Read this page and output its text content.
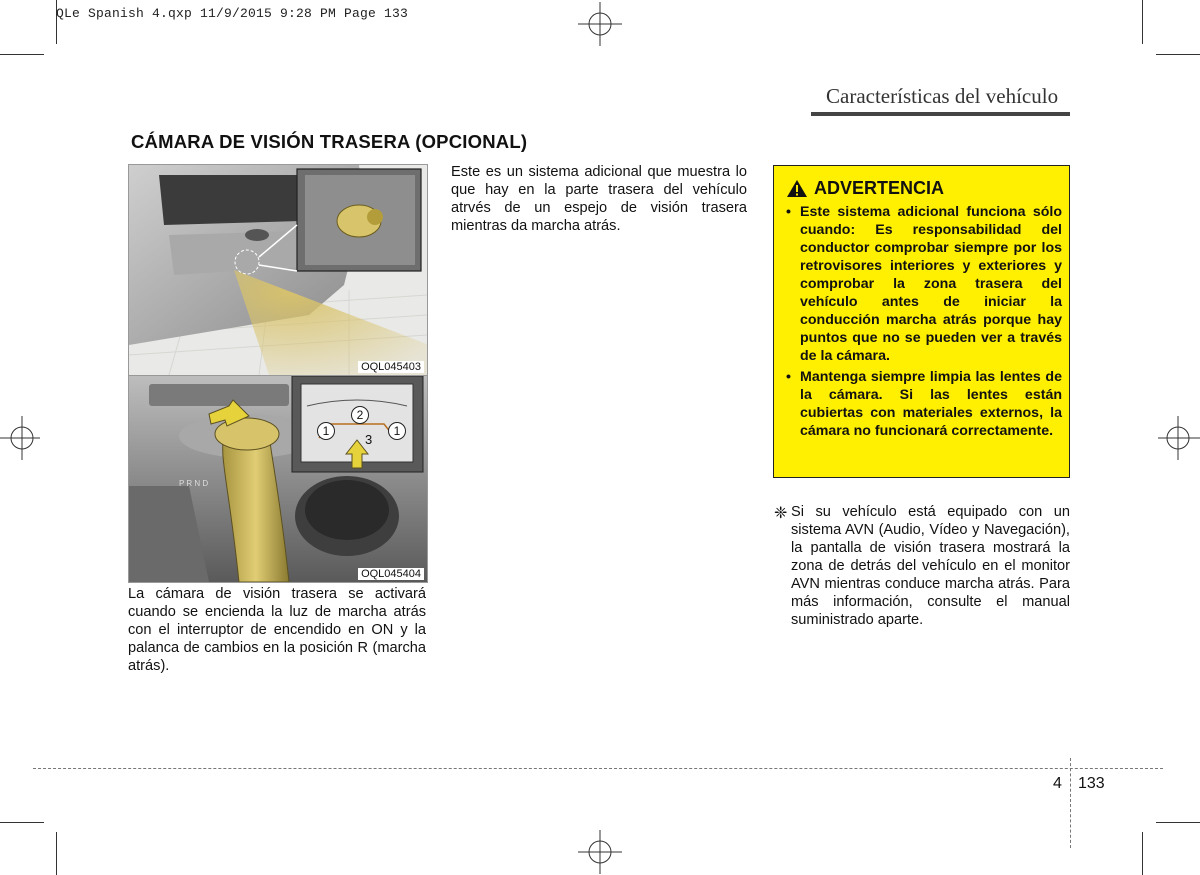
QLe Spanish 4.qxp 11/9/2015 9:28 PM Page 133
Características del vehículo
CÁMARA DE VISIÓN TRASERA (OPCIONAL)
OQL045403
P R N D
2
1	1
3
OQL045404
La cámara de visión trasera se activará cuando se encienda la luz de marcha atrás con el interruptor de encendido en ON y la palanca de cambios en la posición R (marcha atrás).
Este es un sistema adicional que muestra lo que hay en la parte trasera del vehículo atrvés de un espejo de visión trasera mientras da marcha atrás.
ADVERTENCIA
• Este sistema adicional funciona sólo cuando: Es responsabilidad del conductor comprobar siempre por los retrovisores interiores y exteriores y comprobar la zona trasera del vehículo antes de iniciar la conducción marcha atrás porque hay puntos que no se pueden ver a través de la cámara.
• Mantenga siempre limpia las lentes de la cámara. Si las lentes están cubiertas con materiales externos, la cámara no funcionará correctamente.
❈ Si su vehículo está equipado con un sistema AVN (Audio, Vídeo y Navegación), la pantalla de visión trasera mostrará la zona de detrás del vehículo en el monitor AVN mientras conduce marcha atrás. Para más información, consulte el manual suministrado aparte.
4 133
